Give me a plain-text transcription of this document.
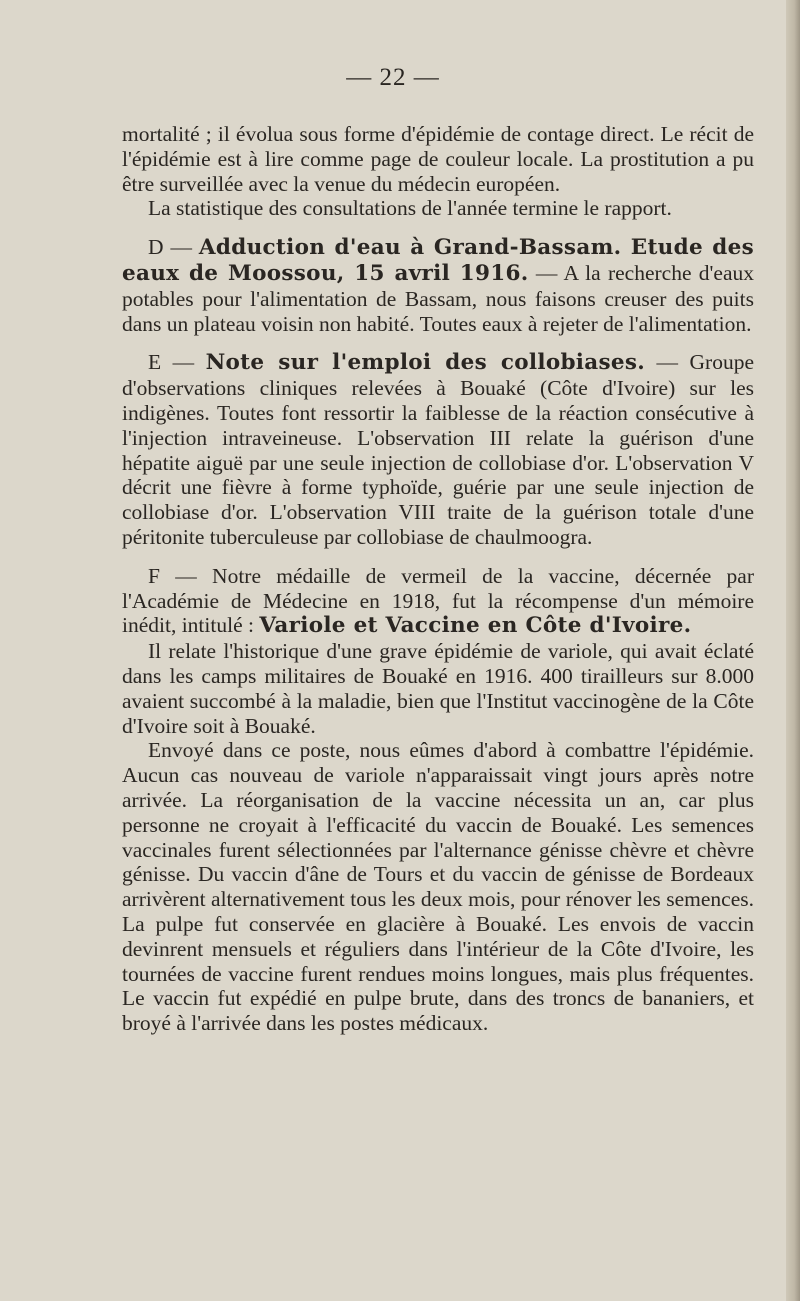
— 22 —

mortalité ; il évolua sous forme d'épidémie de contage direct. Le récit de l'épidémie est à lire comme page de couleur locale. La prostitution a pu être surveillée avec la venue du médecin européen.

La statistique des consultations de l'année termine le rapport.

D — Adduction d'eau à Grand-Bassam. Etude des eaux de Moossou, 15 avril 1916. — A la recherche d'eaux potables pour l'alimentation de Bassam, nous faisons creuser des puits dans un plateau voisin non habité. Toutes eaux à rejeter de l'alimentation.

E — Note sur l'emploi des collobiases. — Groupe d'observations cliniques relevées à Bouaké (Côte d'Ivoire) sur les indigènes. Toutes font ressortir la faiblesse de la réaction consécutive à l'injection intraveineuse. L'observation III relate la guérison d'une hépatite aiguë par une seule injection de collobiase d'or. L'observation V décrit une fièvre à forme typhoïde, guérie par une seule injection de collobiase d'or. L'observation VIII traite de la guérison totale d'une péritonite tuberculeuse par collobiase de chaulmoogra.

F — Notre médaille de vermeil de la vaccine, décernée par l'Académie de Médecine en 1918, fut la récompense d'un mémoire inédit, intitulé : Variole et Vaccine en Côte d'Ivoire.

Il relate l'historique d'une grave épidémie de variole, qui avait éclaté dans les camps militaires de Bouaké en 1916. 400 tirailleurs sur 8.000 avaient succombé à la maladie, bien que l'Institut vaccinogène de la Côte d'Ivoire soit à Bouaké.

Envoyé dans ce poste, nous eûmes d'abord à combattre l'épidémie. Aucun cas nouveau de variole n'apparaissait vingt jours après notre arrivée. La réorganisation de la vaccine nécessita un an, car plus personne ne croyait à l'efficacité du vaccin de Bouaké. Les semences vaccinales furent sélectionnées par l'alternance génisse chèvre et chèvre génisse. Du vaccin d'âne de Tours et du vaccin de génisse de Bordeaux arrivèrent alternativement tous les deux mois, pour rénover les semences. La pulpe fut conservée en glacière à Bouaké. Les envois de vaccin devinrent mensuels et réguliers dans l'intérieur de la Côte d'Ivoire, les tournées de vaccine furent rendues moins longues, mais plus fréquentes. Le vaccin fut expédié en pulpe brute, dans des troncs de bananiers, et broyé à l'arrivée dans les postes médicaux.
